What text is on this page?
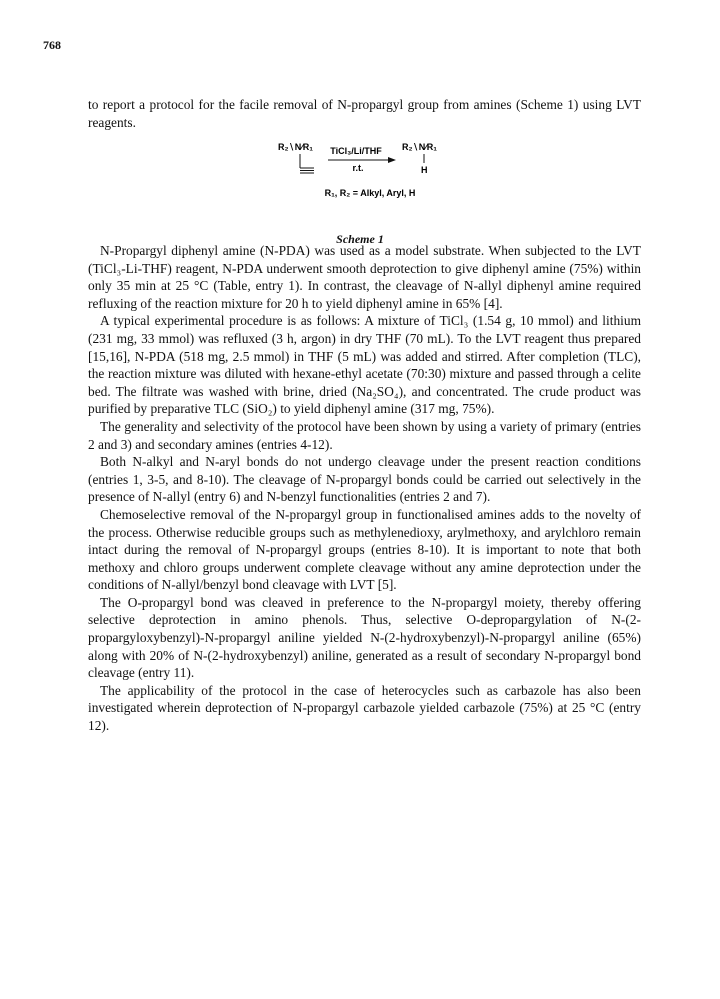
768

to report a protocol for the facile removal of N-propargyl group from amines (Scheme 1) using LVT reagents.

R₂∖N∕R₁ TiCl₃/Li/THF
r.t.
R₂∖N∕R₁
H
R₁, R₂ = Alkyl, Aryl, H
Scheme 1

N-Propargyl diphenyl amine (N-PDA) was used as a model substrate. When subjected to the LVT (TiCl₃-Li-THF) reagent, N-PDA underwent smooth deprotection to give diphenyl amine (75%) within only 35 min at 25 °C (Table, entry 1). In contrast, the cleavage of N-allyl diphenyl amine required refluxing of the reaction mixture for 20 h to yield diphenyl amine in 65% [4].

A typical experimental procedure is as follows: A mixture of TiCl₃ (1.54 g, 10 mmol) and lithium (231 mg, 33 mmol) was refluxed (3 h, argon) in dry THF (70 mL). To the LVT reagent thus prepared [15,16], N-PDA (518 mg, 2.5 mmol) in THF (5 mL) was added and stirred. After completion (TLC), the reaction mixture was diluted with hexane-ethyl acetate (70:30) mixture and passed through a celite bed. The filtrate was washed with brine, dried (Na₂SO₄), and concentrated. The crude product was purified by preparative TLC (SiO₂) to yield diphenyl amine (317 mg, 75%).

The generality and selectivity of the protocol have been shown by using a variety of primary (entries 2 and 3) and secondary amines (entries 4-12).

Both N-alkyl and N-aryl bonds do not undergo cleavage under the present reaction conditions (entries 1, 3-5, and 8-10). The cleavage of N-propargyl bonds could be carried out selectively in the presence of N-allyl (entry 6) and N-benzyl functionalities (entries 2 and 7).

Chemoselective removal of the N-propargyl group in functionalised amines adds to the novelty of the process. Otherwise reducible groups such as methylenedioxy, arylmethoxy, and arylchloro remain intact during the removal of N-propargyl groups (entries 8-10). It is important to note that both methoxy and chloro groups underwent complete cleavage without any amine deprotection under the conditions of N-allyl/benzyl bond cleavage with LVT [5].

The O-propargyl bond was cleaved in preference to the N-propargyl moiety, thereby offering selective deprotection in amino phenols. Thus, selective O-depropargylation of N-(2-propargyloxybenzyl)-N-propargyl aniline yielded N-(2-hydroxybenzyl)-N-propargyl aniline (65%) along with 20% of N-(2-hydroxybenzyl) aniline, generated as a result of secondary N-propargyl bond cleavage (entry 11).

The applicability of the protocol in the case of heterocycles such as carbazole has also been investigated wherein deprotection of N-propargyl carbazole yielded carbazole (75%) at 25 °C (entry 12).
